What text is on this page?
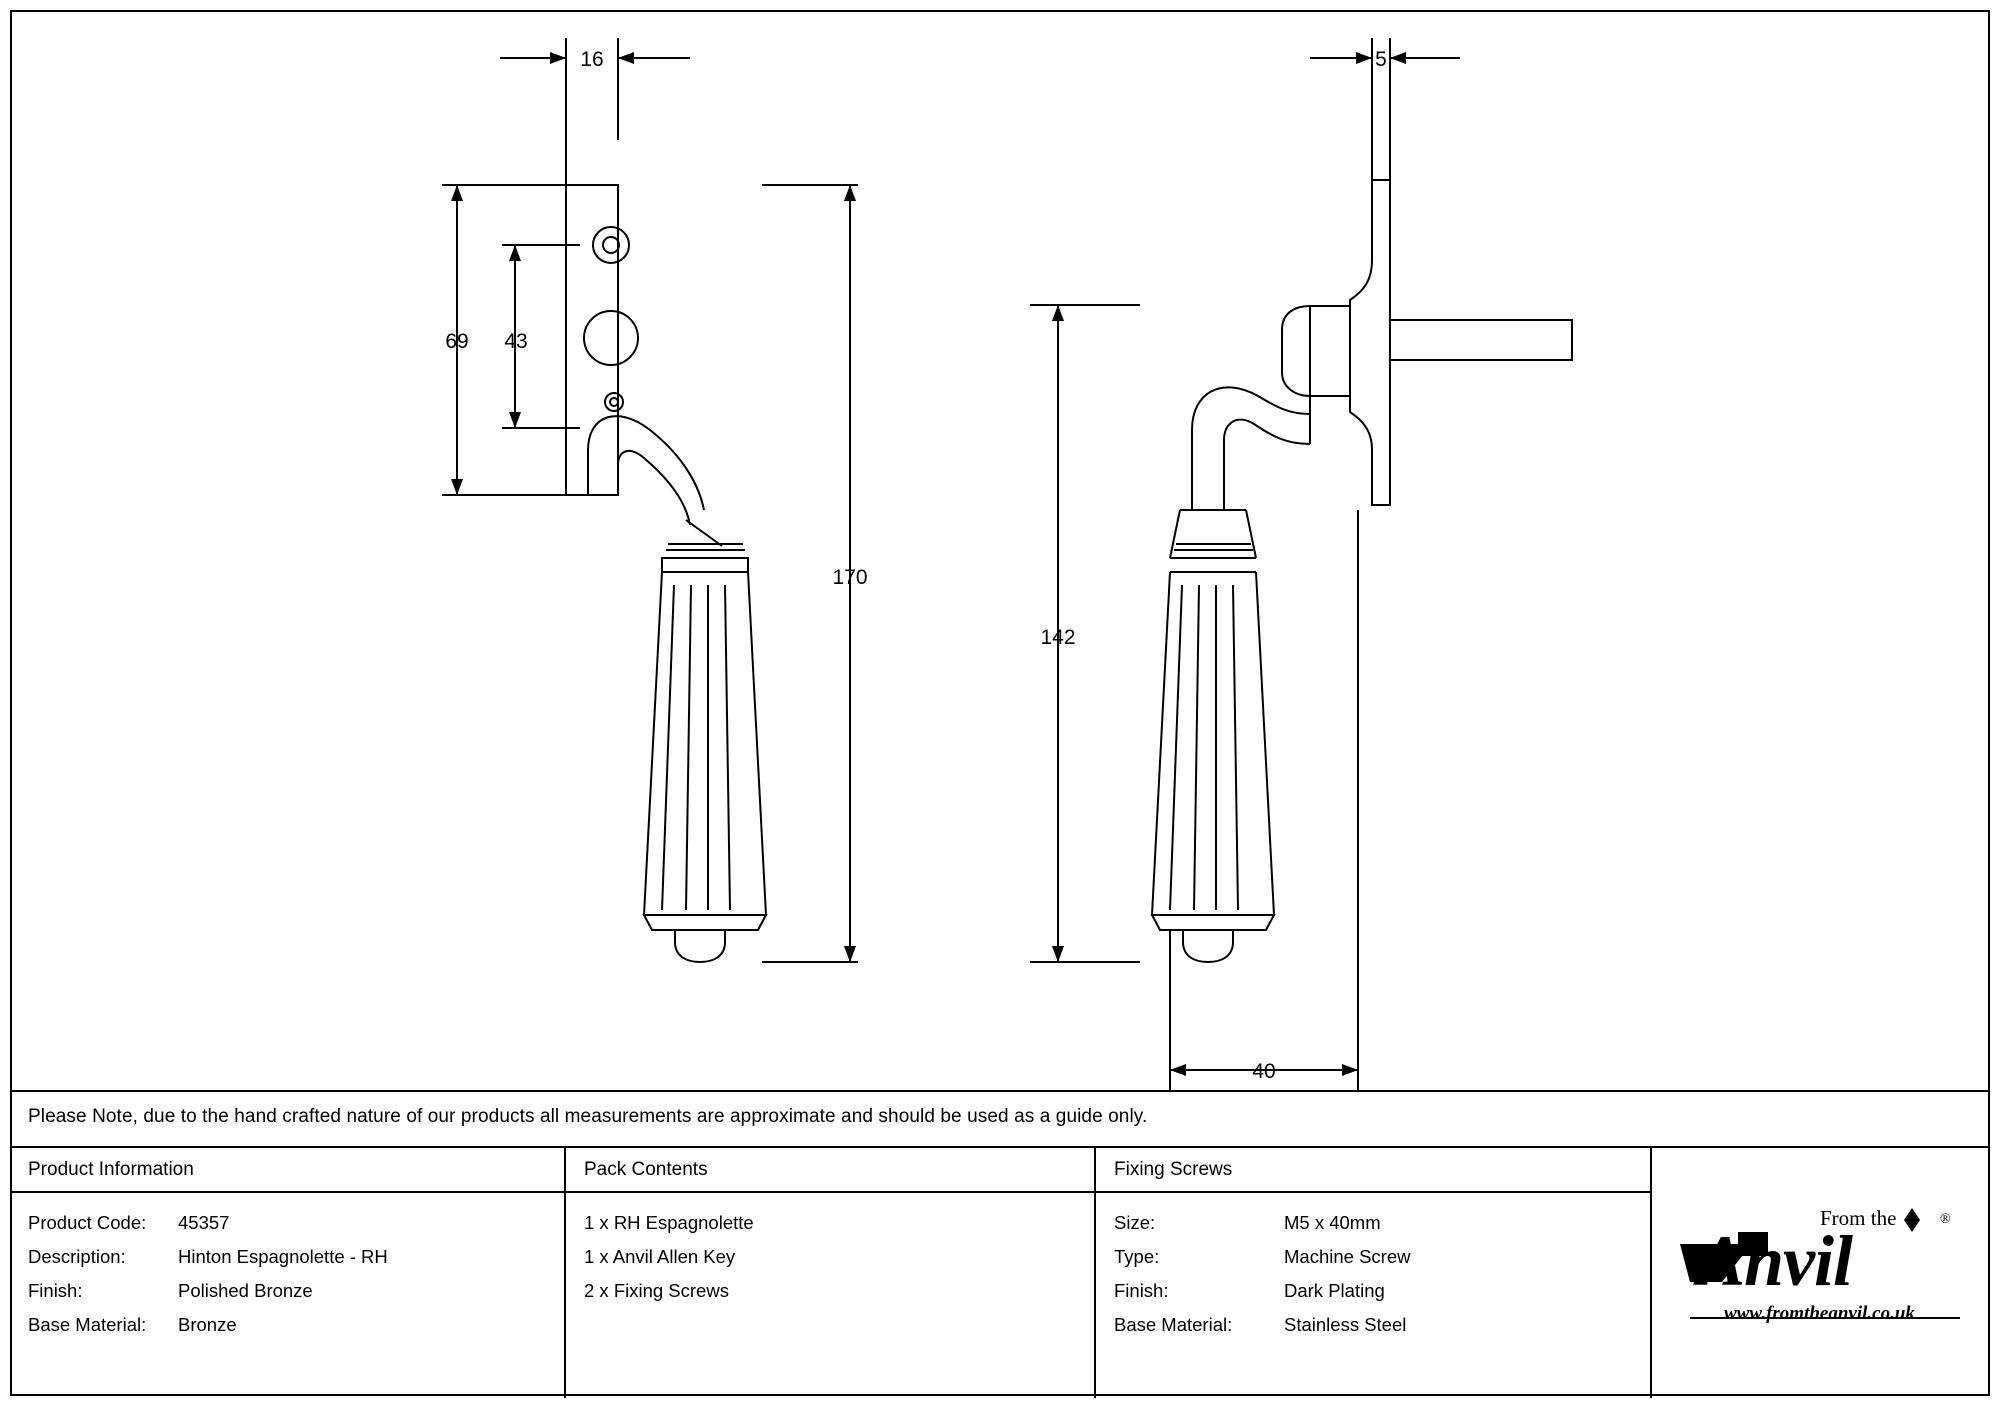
16	5
69 43
170
142
40
Please Note, due to the hand crafted nature of our products all measurements are approximate and should be used as a guide only.
Product Information
Product Code: 45357
Description:	Hinton Espagnolette - RH
Finish:	Polished Bronze
Base Material: Bronze
Pack Contents
1 x RH Espagnolette
1 x Anvil Allen Key
2 x Fixing Screws
Fixing Screws
Size:	M5 x 40mm
Type:	Machine Screw
Finish:	Dark Plating
Base Material:	Stainless Steel
From the
Anvil
®
www.fromtheanvil.co.uk
